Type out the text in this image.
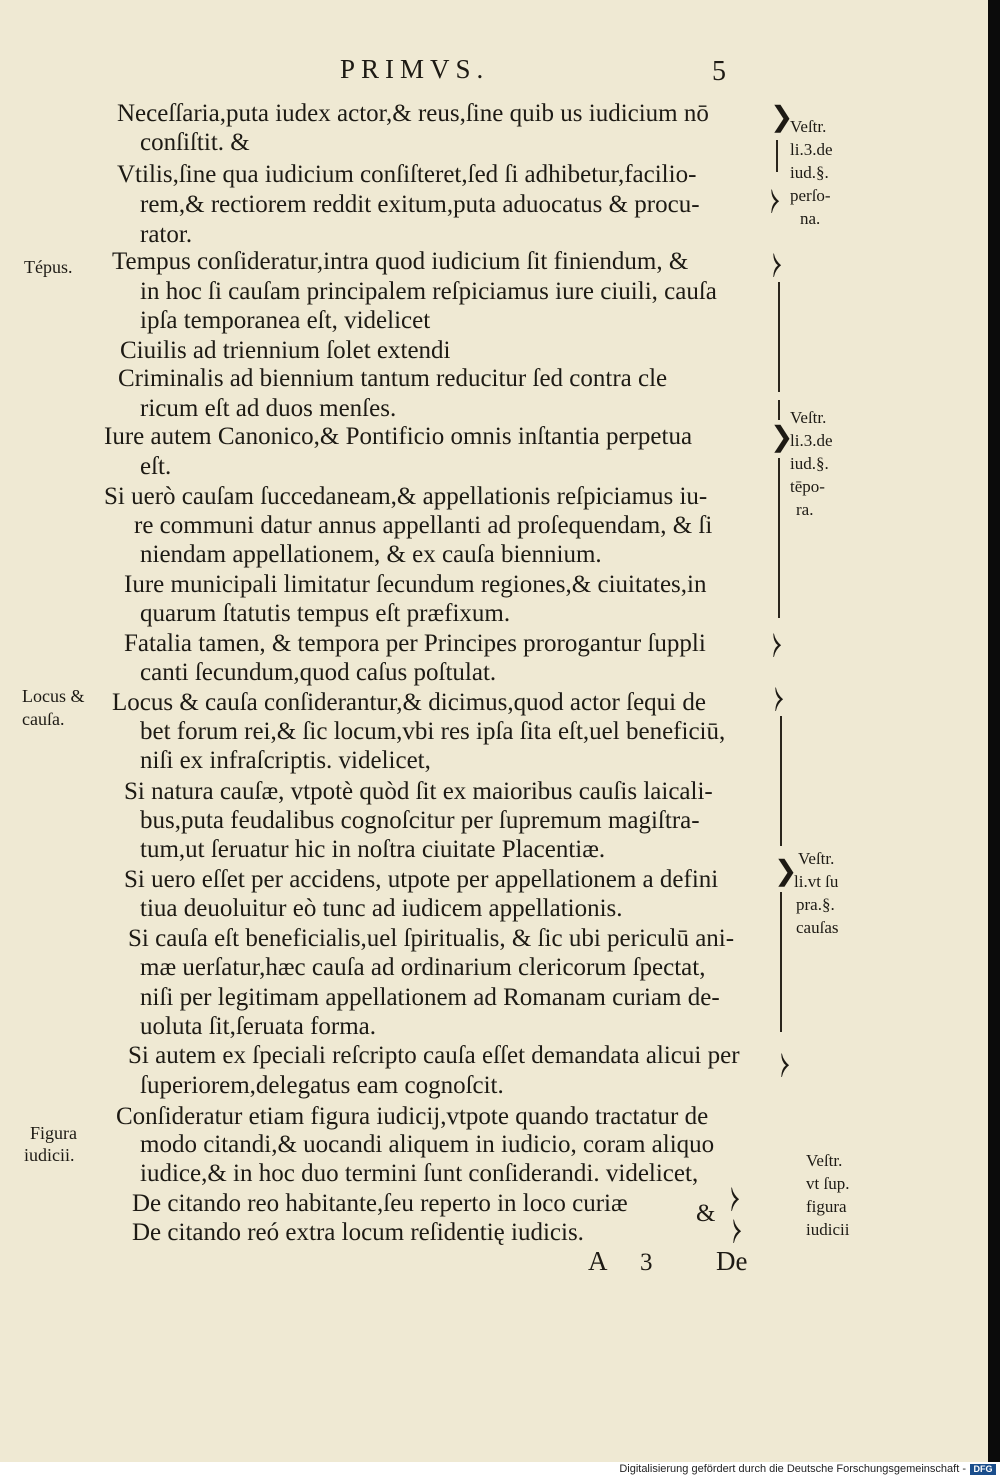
PRIMVS.	5
Neceſſaria,puta iudex actor,& reus,ſine quib us iudicium nō
conſiſtit. &
Vtilis,ſine qua iudicium conſiſteret,ſed ſi adhibetur,facilio-
rem,& rectiorem reddit exitum,puta aduocatus & procu-
rator.
Tempus conſideratur,intra quod iudicium ſit finiendum, &
in hoc ſi cauſam principalem reſpiciamus iure ciuili, cauſa
ipſa temporanea eſt, videlicet
Ciuilis ad triennium ſolet extendi
Criminalis ad biennium tantum reducitur ſed contra cle
ricum eſt ad duos menſes.
Iure autem Canonico,& Pontificio omnis inſtantia perpetua
eſt.
Si uerò cauſam ſuccedaneam,& appellationis reſpiciamus iu-
re communi datur annus appellanti ad proſequendam, & ſi
niendam appellationem, & ex cauſa biennium.
Iure municipali limitatur ſecundum regiones,& ciuitates,in
quarum ſtatutis tempus eſt præfixum.
Fatalia tamen, & tempora per Principes prorogantur ſuppli
canti ſecundum,quod caſus poſtulat.
Locus & cauſa conſiderantur,& dicimus,quod actor ſequi de
bet forum rei,& ſic locum,vbi res ipſa ſita eſt,uel beneficiū,
niſi ex infraſcriptis. videlicet,
Si natura cauſæ, vtpotè quòd ſit ex maioribus cauſis laicali-
bus,puta feudalibus cognoſcitur per ſupremum magiſtra-
tum,ut ſeruatur hic in noſtra ciuitate Placentiæ.
Si uero eſſet per accidens, utpote per appellationem a defini
tiua deuoluitur eò tunc ad iudicem appellationis.
Si cauſa eſt beneficialis,uel ſpiritualis, & ſic ubi periculū ani-
mæ uerſatur,hæc cauſa ad ordinarium clericorum ſpectat,
niſi per legitimam appellationem ad Romanam curiam de-
uoluta ſit,ſeruata forma.
Si autem ex ſpeciali reſcripto cauſa eſſet demandata alicui per
ſuperiorem,delegatus eam cognoſcit.
Conſideratur etiam figura iudicij,vtpote quando tractatur de
modo citandi,& uocandi aliquem in iudicio, coram aliquo
iudice,& in hoc duo termini ſunt conſiderandi. videlicet,
De citando reo habitante,ſeu reperto in loco curiæ
De citando reó extra locum reſidentię iudicis.
&
A 3 De
Tépus.
Locus &
cauſa.
Figura
iudicii.
Veſtr.
li.3.de
iud.§.
perſo-
na.
Veſtr.
li.3.de
iud.§.
tēpo-
ra.
Veſtr.
li.vt ſu
pra.§.
cauſas
Veſtr.
vt ſup.
figura
iudicii
❯
⧽
⧽
❯
⧽
⧽
❯
⧽
⧽
⧽
Digitalisierung gefördert durch die Deutsche Forschungsgemeinschaft - DFG
